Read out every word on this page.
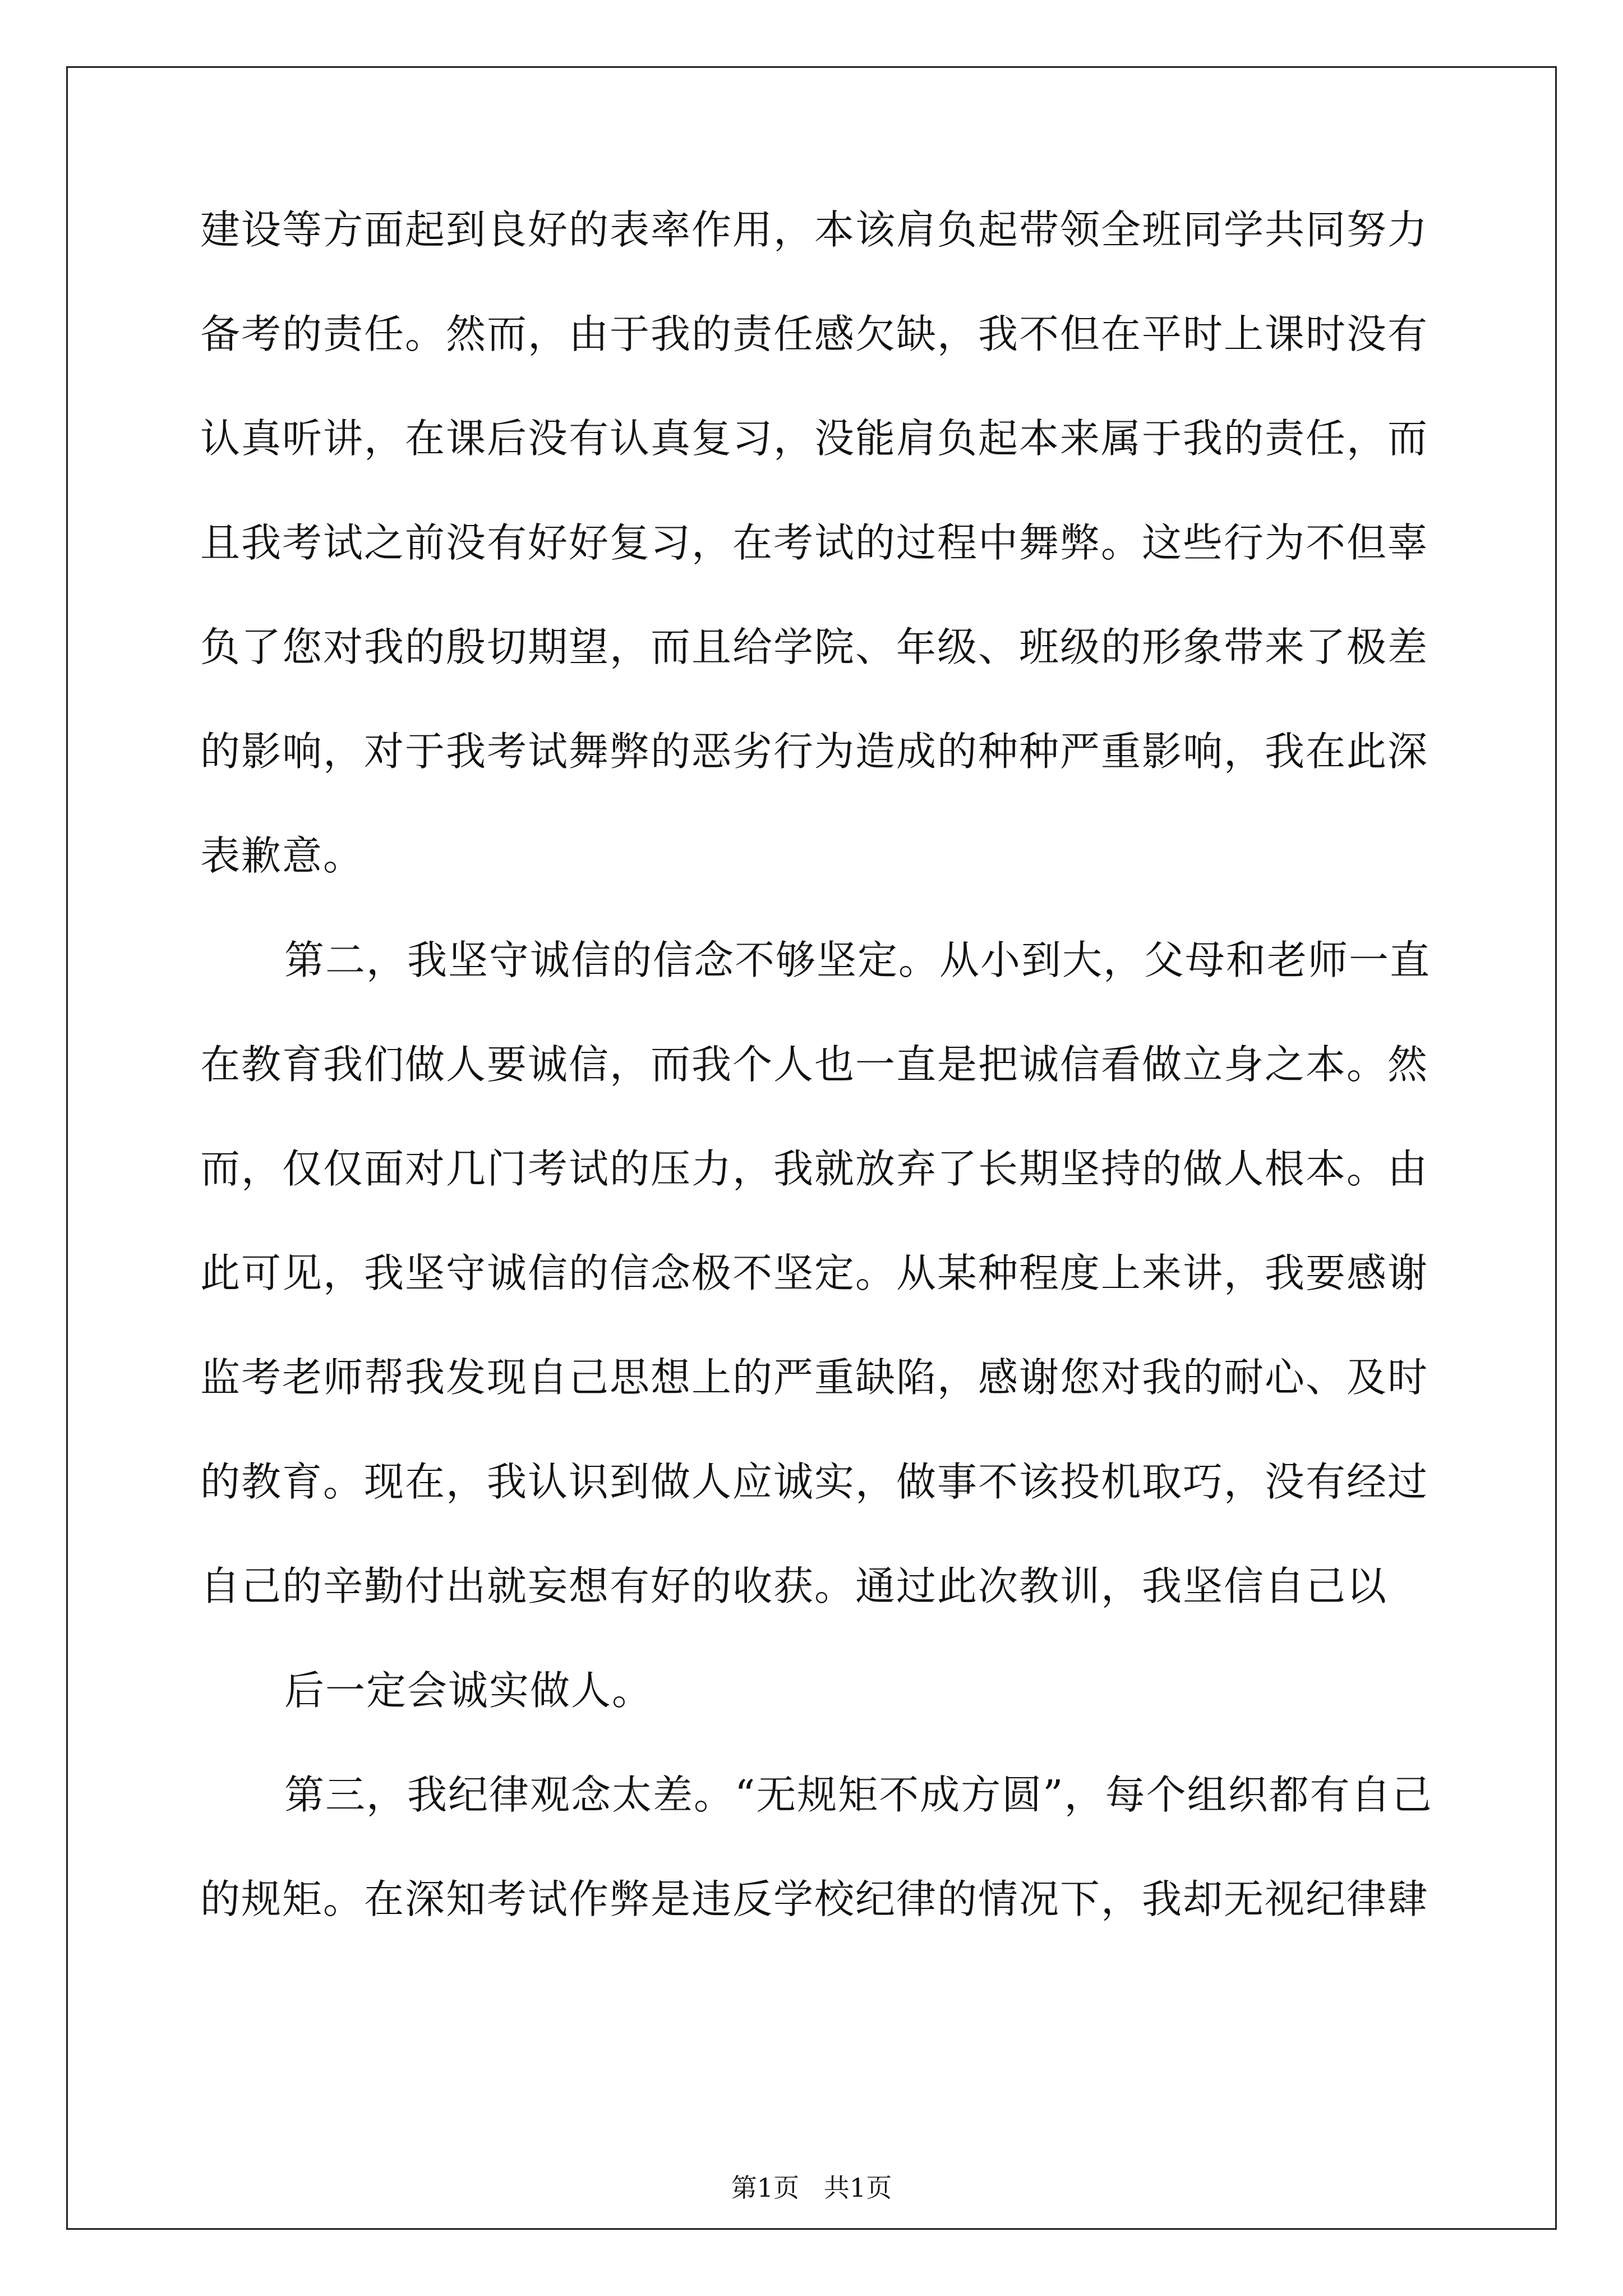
建设等方面起到良好的表率作用，本该肩负起带领全班同学共同努力
备考的责任。然而，由于我的责任感欠缺，我不但在平时上课时没有
认真听讲，在课后没有认真复习，没能肩负起本来属于我的责任，而
且我考试之前没有好好复习，在考试的过程中舞弊。这些行为不但辜
负了您对我的殷切期望，而且给学院、年级、班级的形象带来了极差
的影响，对于我考试舞弊的恶劣行为造成的种种严重影响，我在此深
表歉意。
第二，我坚守诚信的信念不够坚定。从小到大，父母和老师一直
在教育我们做人要诚信，而我个人也一直是把诚信看做立身之本。然
而，仅仅面对几门考试的压力，我就放弃了长期坚持的做人根本。由
此可见，我坚守诚信的信念极不坚定。从某种程度上来讲，我要感谢
监考老师帮我发现自己思想上的严重缺陷，感谢您对我的耐心、及时
的教育。现在，我认识到做人应诚实，做事不该投机取巧，没有经过
自己的辛勤付出就妄想有好的收获。通过此次教训，我坚信自己以
后一定会诚实做人。
第三，我纪律观念太差。“无规矩不成方圆”，每个组织都有自己
的规矩。在深知考试作弊是违反学校纪律的情况下，我却无视纪律肆
第1页   共1页
